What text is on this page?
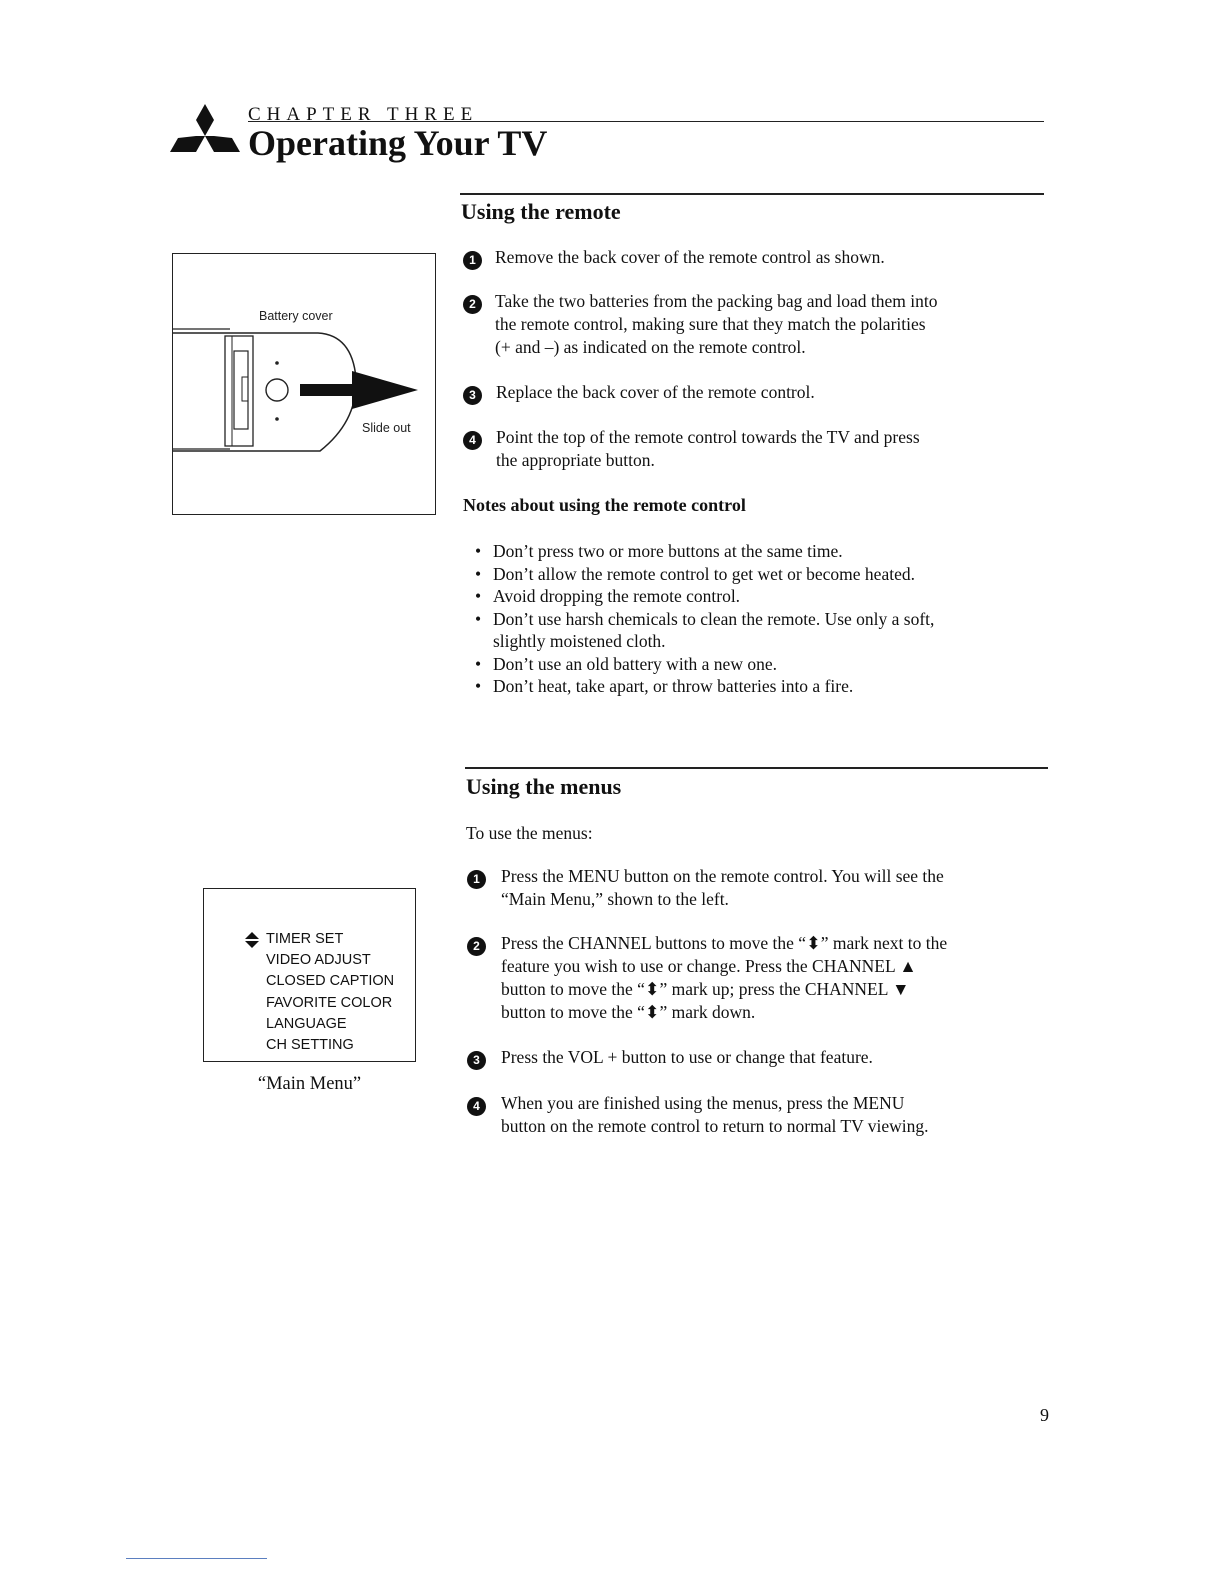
CHAPTER THREE
Operating Your TV
Using the remote
Battery cover
Slide out
1	Remove the back cover of the remote control as shown.
2	Take the two batteries from the packing bag and load them into
the remote control, making sure that they match the polarities
(+ and –) as indicated on the remote control.
3	Replace the back cover of the remote control.
4	Point the top of the remote control towards the TV and press
the appropriate button.
Notes about using the remote control
• Don’t press two or more buttons at the same time.
• Don’t allow the remote control to get wet or become heated.
• Avoid dropping the remote control.
• Don’t use harsh chemicals to clean the remote. Use only a soft,
slightly moistened cloth.
• Don’t use an old battery with a new one.
• Don’t heat, take apart, or throw batteries into a fire.
Using the menus
To use the menus:
TIMER SET
VIDEO ADJUST
CLOSED CAPTION
FAVORITE COLOR
LANGUAGE
CH SETTING
“Main Menu”
1	Press the MENU button on the remote control. You will see the
“Main Menu,” shown to the left.
2	Press the CHANNEL buttons to move the “⬍” mark next to the
feature you wish to use or change. Press the CHANNEL ▲
button to move the “⬍” mark up; press the CHANNEL ▼
button to move the “⬍” mark down.
3	Press the VOL + button to use or change that feature.
4	When you are finished using the menus, press the MENU
button on the remote control to return to normal TV viewing.
9
